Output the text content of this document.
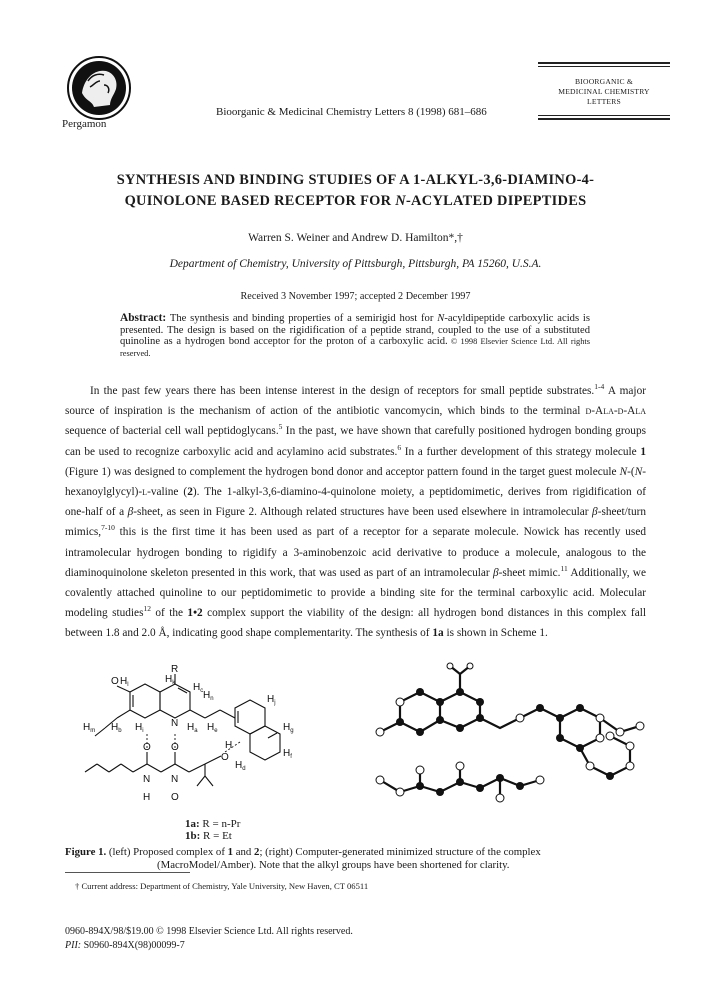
Pergamon
Bioorganic & Medicinal Chemistry Letters 8 (1998) 681–686
BIOORGANIC &
MEDICINAL CHEMISTRY
LETTERS
SYNTHESIS AND BINDING STUDIES OF A 1-ALKYL-3,6-DIAMINO-4-
QUINOLONE BASED RECEPTOR FOR N-ACYLATED DIPEPTIDES
Warren S. Weiner and Andrew D. Hamilton*,†
Department of Chemistry, University of Pittsburgh, Pittsburgh, PA 15260, U.S.A.
Received 3 November 1997; accepted 2 December 1997
Abstract: The synthesis and binding properties of a semirigid host for N-acyldipeptide carboxylic acids is presented. The design is based on the rigidification of a peptide strand, coupled to the use of a substituted quinoline as a hydrogen bond acceptor for the proton of a carboxylic acid. © 1998 Elsevier Science Ltd. All rights reserved.
In the past few years there has been intense interest in the design of receptors for small peptide substrates.$^{1-4}$ A major source of inspiration is the mechanism of action of the antibiotic vancomycin, which binds to the terminal d-Ala-d-Ala sequence of bacterial cell wall peptidoglycans.$^5$ In the past, we have shown that carefully positioned hydrogen bonding groups can be used to recognize carboxylic acid and acylamino acid substrates.$^6$ In a further development of this strategy molecule 1 (Figure 1) was designed to complement the hydrogen bond donor and acceptor pattern found in the target guest molecule N-(N-hexanoylglycyl)-l-valine (2). The 1-alkyl-3,6-diamino-4-quinolone moiety, a peptidomimetic, derives from rigidification of one-half of a β-sheet, as seen in Figure 2. Although related structures have been used elsewhere in intramolecular β-sheet/turn mimics,$^{7-10}$ this is the first time it has been used as part of a receptor for a separate molecule. Nowick has recently used intramolecular hydrogen bonding to rigidify a 3-aminobenzoic acid derivative to produce a molecule, analogous to the diaminoquinolone skeleton presented in this work, that was used as part of an intramolecular β-sheet mimic.$^{11}$ Additionally, we covalently attached quinoline to our peptidomimetic to provide a binding site for the terminal carboxylic acid. Molecular modeling studies$^{12}$ of the 1•2 complex support the viability of the design: all hydrogen bond distances in this complex fall between 1.8 and 2.0 Å, indicating good shape complementarity. The synthesis of 1a is shown in Scheme 1.
R
$H_k$
N
$H_c$
O $H_l$
$H_n$	$H_j$
$H_m$ $H_b$ $H_i$	$H_a$ $H_e$	$H_g$
$H_f$
$H_d$
H
O O
N N
O
H O
1a: R = n-Pr
1b: R = Et
Figure 1. (left) Proposed complex of 1 and 2; (right) Computer-generated minimized structure of the complex
(MacroModel/Amber). Note that the alkyl groups have been shortened for clarity.
† Current address: Department of Chemistry, Yale University, New Haven, CT 06511
0960-894X/98/$19.00 © 1998 Elsevier Science Ltd. All rights reserved.
PII: S0960-894X(98)00099-7
